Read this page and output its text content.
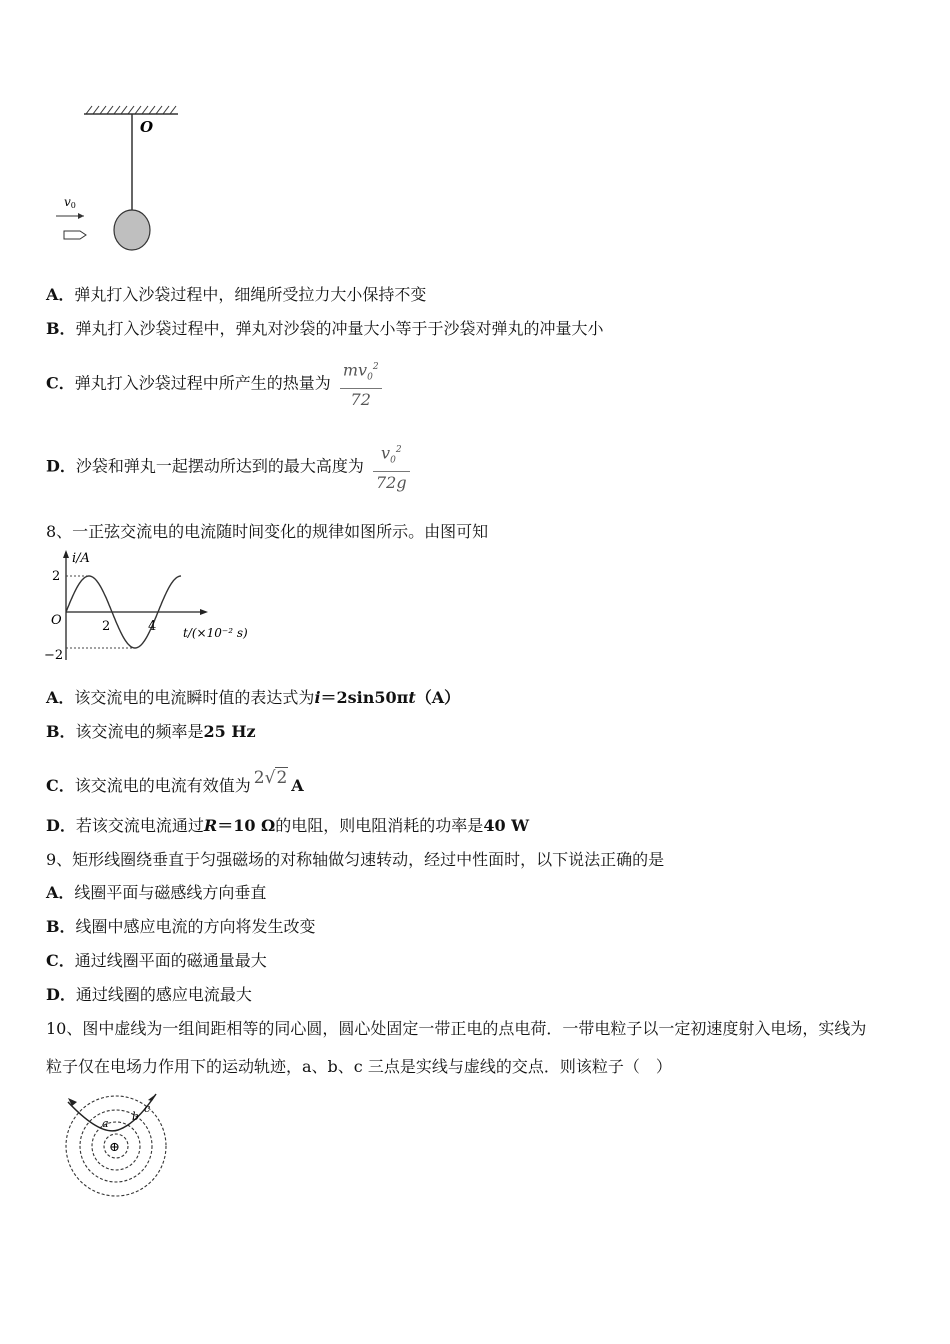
O
v0
A．弹丸打入沙袋过程中，细绳所受拉力大小保持不变
B．弹丸打入沙袋过程中，弹丸对沙袋的冲量大小等于于沙袋对弹丸的冲量大小
C．弹丸打入沙袋过程中所产生的热量为 $\frac{mv_0^2}{72}$
D．沙袋和弹丸一起摆动所达到的最大高度为 $\frac{v_0^2}{72g}$
8、一正弦交流电的电流随时间变化的规律如图所示。由图可知
i/A
2
−2
O	2	4 t/(×10⁻² s)
A．该交流电的电流瞬时值的表达式为i＝2sin50πt（A）
B．该交流电的频率是25 Hz
C．该交流电的电流有效值为 2√2 A
D．若该交流电流通过R＝10 Ω的电阻，则电阻消耗的功率是40 W
9、矩形线圈绕垂直于匀强磁场的对称轴做匀速转动，经过中性面时，以下说法正确的是
A．线圈平面与磁感线方向垂直
B．线圈中感应电流的方向将发生改变
C．通过线圈平面的磁通量最大
D．通过线圈的感应电流最大
10、图中虚线为一组间距相等的同心圆，圆心处固定一带正电的点电荷．一带电粒子以一定初速度射入电场，实线为
粒子仅在电场力作用下的运动轨迹，a、b、c 三点是实线与虚线的交点．则该粒子（　）
⊕
a
b
c
